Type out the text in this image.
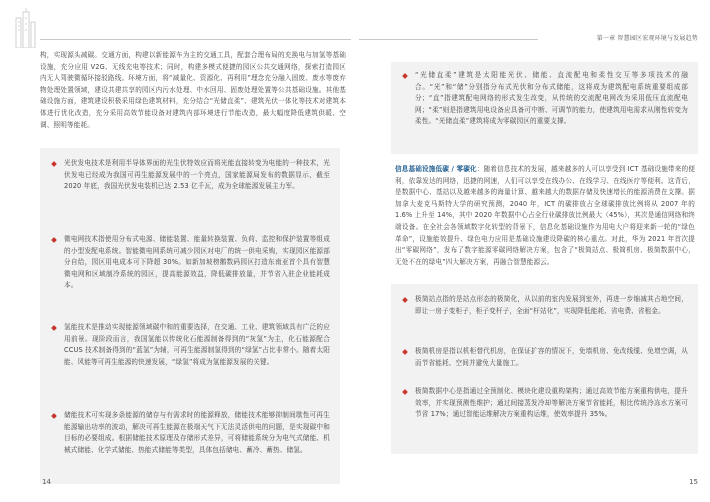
构，实现源头减碳。交通方面，构建以新能源车为主的交通工具，配套合理布局的充换电与加氢等基础设施，充分应用 V2G、无线充电等技术；同时，构建多模式便捷的园区公共交通网络，探索打造园区内无人驾驶微循环接驳路线。环境方面，将“减量化、资源化、再利用”理念充分融入固废、废水等废弃物处理处置领域，建设共建共享的园区内污水处理、中水回用、固废处理处置等公共基础设施。其他基础设施方面，建筑建设积极采用绿色建筑材料，充分结合“光储直柔”、建筑光伏一体化等技术对建筑本体进行优化改造，充分采用高效节能设备对建筑内部环境进行节能改造，最大幅度降低建筑供暖、空调、照明等能耗。

光伏发电技术是利用半导体界面的光生伏特效应而将光能直接转变为电能的一种技术，光伏发电已经成为我国可再生能源发展中的一个亮点，国家能源局发布的数据显示，截至 2020 年底，我国光伏发电装机已达 2.53 亿千瓦，成为全球能源发展主力军。
微电网技术指使用分布式电源、储能装置、能量转换装置、负荷、监控和保护装置等组成的小型发配电系统。智能微电网系统可减少园区对电厂的统一供电采购，实现园区能源部分自给，园区用电成本可下降超 30%。如新加坡榜鹅数码园区打造东南亚首个具有智慧微电网和区域制冷系统的园区，提高能源效益，降低碳排放量，并节省入驻企业能耗成本。
氢能技术是推动实现能源领域碳中和的重要选择，在交通、工业、建筑领域具有广泛的应用前景。现阶段而言，我国氢能以传统化石能源制备得到的“灰氢”为主，化石能源配合 CCUS 技术制备得到的“蓝氢”为辅，可再生能源制氢得到的“绿氢”占比非常小。随着太阳能、风能等可再生能源的快速发展，“绿氢”将成为氢能源发展的关键。
储能技术可实现多条能源的储存与有需求时的能源释放，储能技术能够抑制间歇性可再生能源输出功率的波动，解决可再生能源在极端天气下无法灵活供电的问题，是实现碳中和目标的必要组成。根据储能技术原理及存储形式差异，可将储能系统分为电气式储能、机械式储能、化学式储能、热能式储能等类型，具体包括储电、蓄冷、蓄热、储氢。
14
第一章 智慧园区宏观环境与发展趋势
“光储直柔”建筑是太阳能光伏、储能、直流配电和柔性交互等多项技术的融合。“光”和“储”分别指分布式光伏和分布式储能，这将成为建筑配电系统重要组成部分；“直”指建筑配电网络的形式发生改变，从传统的交流配电网改为采用低压直流配电网；“柔”则是指建筑用电设备应具备可中断、可调节的能力，使建筑用电需求从刚性转变为柔性。“光储直柔”建筑将成为零碳园区的重要支撑。

信息基础设施低碳 / 零碳化：随着信息技术的发展，越来越多的人可以享受到 ICT 基础设施带来的便利，依靠发达的网络，迅捷的网速，人们可以享受在线办公、在线学习、在线医疗等便利。这背后，是数据中心、基站以及越来越多的海量计算、越来越大的数据存储及快速增长的能源消费在支撑。据加拿大麦克马斯特大学的研究预测，2040 年，ICT 的碳排放占全球碳排放比例将从 2007 年的 1.6% 上升至 14%，其中 2020 年数据中心占全行业碳排放比例最大（45%），其次是通信网络和终端设备。在全社会各领域数字化转型的背景下，信息化基础设施作为用电大户将迎来新一轮的“绿色革命”，设施能效提升、绿色电力应用是基础设施建设降碳的核心重点。对此，华为 2021 年首次提出“零碳网络”，发布了数字能源零碳网络解决方案，包含了“极简站点、极简机房、极简数据中心，无处不在的绿电”四大解决方案，再融合智慧能源云。

极简站点指的是站点形态的极简化，从以前的室内发展到室外，再进一步缩减其占地空间，即让一房子变柜子，柜子变杆子，全面“杆站化”，实现降低能耗、省电费、省租金。
极简机房是指以机柜替代机房，在保证扩容的情况下，免墙机房、免改线缆、免增空调，从而节省能耗、空间并避免大量施工。
极简数据中心是指通过全预制化、模块化建设重构架构；通过高效节能方案重构供电，提升效率，并实现预测性维护；通过间接蒸发冷却等解决方案节省能耗，相比传统冷冻水方案可节省 17%；通过智能运维解决方案重构运维，使效率提升 35%。
15
